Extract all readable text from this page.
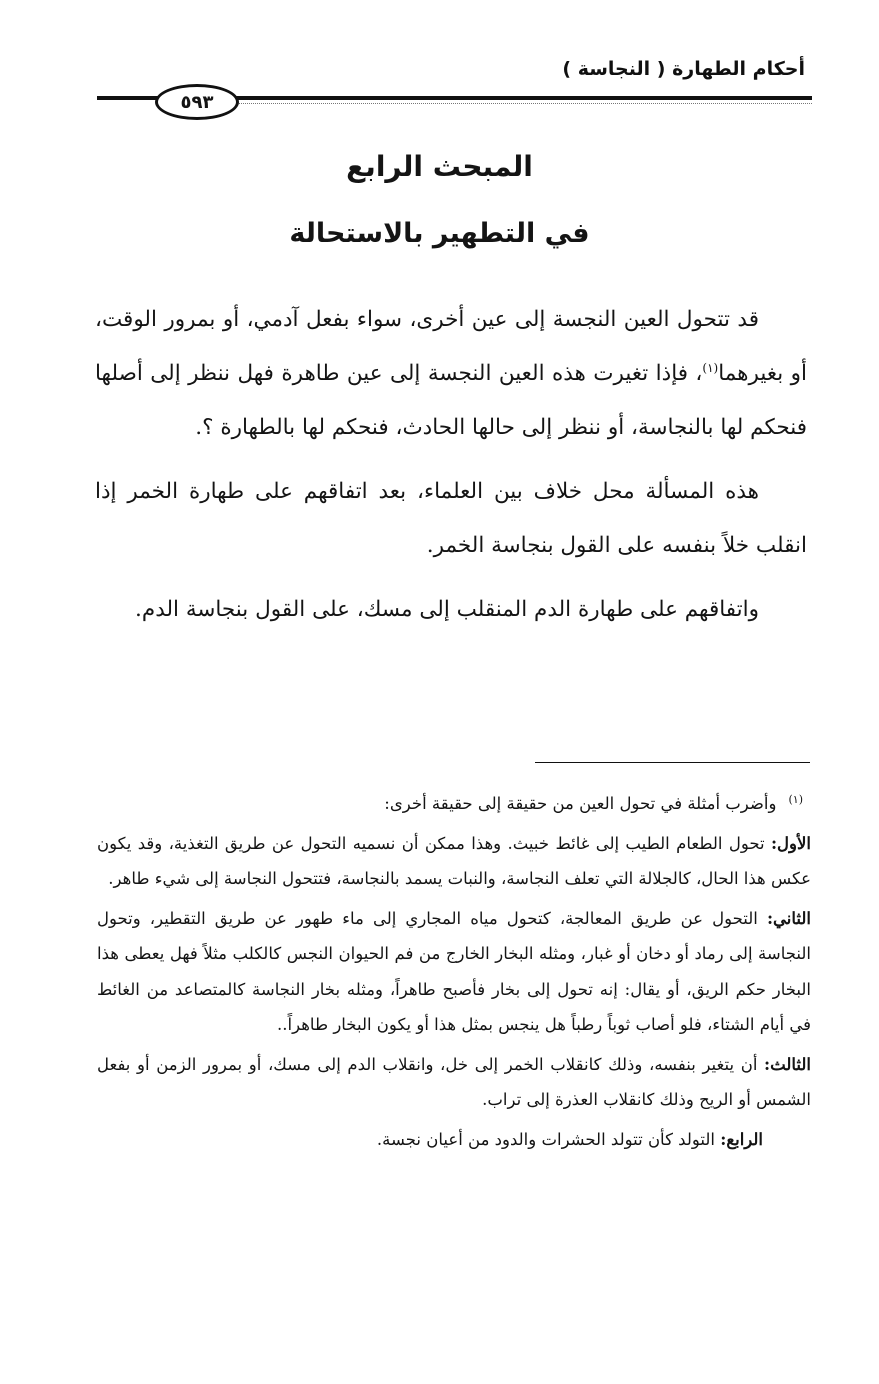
أحكام الطهارة ( النجاسة )
٥٩٣
المبحث الرابع
في التطهير بالاستحالة

قد تتحول العين النجسة إلى عين أخرى، سواء بفعل آدمي، أو بمرور الوقت، أو بغيرهما$^{(١)}$، فإذا تغيرت هذه العين النجسة إلى عين طاهرة فهل ننظر إلى أصلها فنحكم لها بالنجاسة، أو ننظر إلى حالها الحادث، فنحكم لها بالطهارة ؟.

هذه المسألة محل خلاف بين العلماء، بعد اتفاقهم على طهارة الخمر إذا انقلب خلاً بنفسه على القول بنجاسة الخمر.

واتفاقهم على طهارة الدم المنقلب إلى مسك، على القول بنجاسة الدم.

$^{(١)}$وأضرب أمثلة في تحول العين من حقيقة إلى حقيقة أخرى:

الأول: تحول الطعام الطيب إلى غائط خبيث. وهذا ممكن أن نسميه التحول عن طريق التغذية، وقد يكون عكس هذا الحال، كالجلالة التي تعلف النجاسة، والنبات يسمد بالنجاسة، فتتحول النجاسة إلى شيء طاهر.

الثاني: التحول عن طريق المعالجة، كتحول مياه المجاري إلى ماء طهور عن طريق التقطير، وتحول النجاسة إلى رماد أو دخان أو غبار، ومثله البخار الخارج من فم الحيوان النجس كالكلب مثلاً فهل يعطى هذا البخار حكم الريق، أو يقال: إنه تحول إلى بخار فأصبح طاهراً، ومثله بخار النجاسة كالمتصاعد من الغائط في أيام الشتاء، فلو أصاب ثوباً رطباً هل ينجس بمثل هذا أو يكون البخار طاهراً..

الثالث: أن يتغير بنفسه، وذلك كانقلاب الخمر إلى خل، وانقلاب الدم إلى مسك، أو بمرور الزمن أو بفعل الشمس أو الريح وذلك كانقلاب العذرة إلى تراب.

الرابع: التولد كأن تتولد الحشرات والدود من أعيان نجسة.
